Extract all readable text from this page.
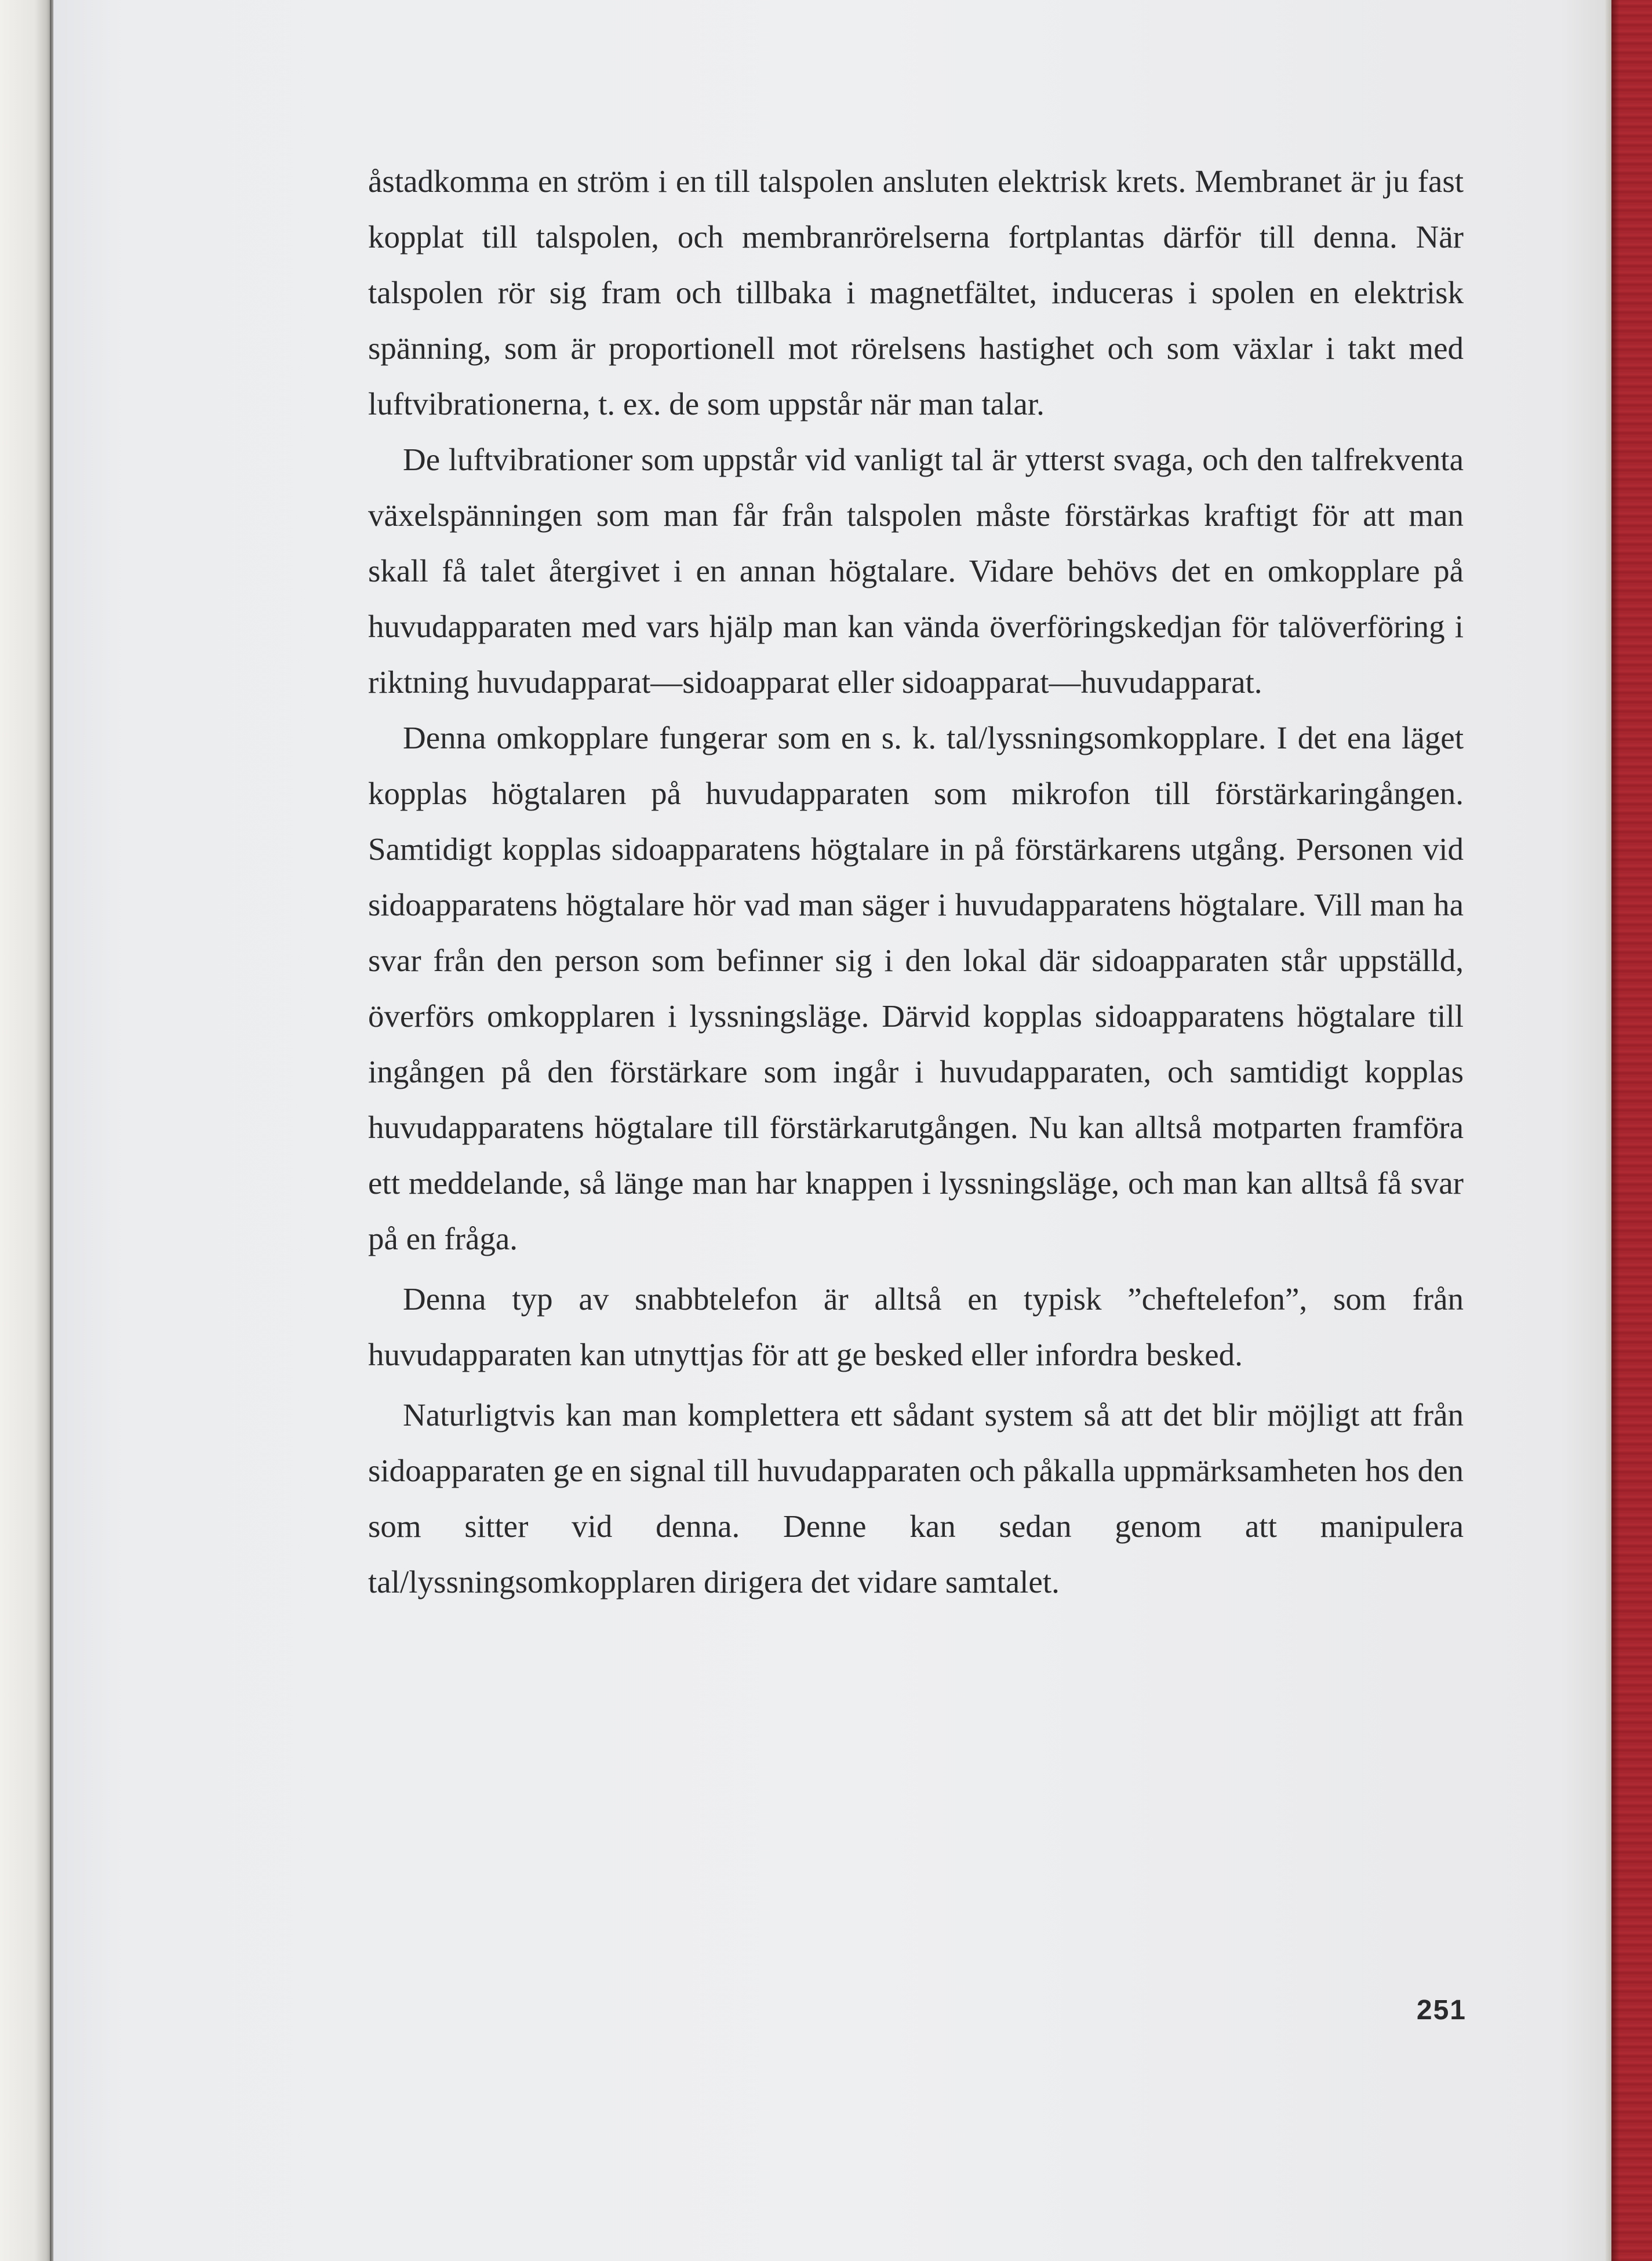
åstadkomma en ström i en till talspolen ansluten elektrisk krets. Membranet är ju fast kopplat till talspolen, och membranrörelserna fortplantas därför till denna. När talspolen rör sig fram och tillbaka i magnetfältet, induceras i spolen en elektrisk spänning, som är proportionell mot rörelsens hastighet och som växlar i takt med luftvibrationerna, t. ex. de som uppstår när man talar.

De luftvibrationer som uppstår vid vanligt tal är ytterst svaga, och den talfrekventa växelspänningen som man får från talspolen måste förstärkas kraftigt för att man skall få talet återgivet i en annan högtalare. Vidare behövs det en omkopplare på huvudapparaten med vars hjälp man kan vända överföringskedjan för talöverföring i riktning huvudapparat—sidoapparat eller sidoapparat—huvudapparat.

Denna omkopplare fungerar som en s. k. tal/lyssningsomkopplare. I det ena läget kopplas högtalaren på huvudapparaten som mikrofon till förstärkaringången. Samtidigt kopplas sidoapparatens högtalare in på förstärkarens utgång. Personen vid sidoapparatens högtalare hör vad man säger i huvudapparatens högtalare. Vill man ha svar från den person som befinner sig i den lokal där sidoapparaten står uppställd, överförs omkopplaren i lyssningsläge. Därvid kopplas sidoapparatens högtalare till ingången på den förstärkare som ingår i huvudapparaten, och samtidigt kopplas huvudapparatens högtalare till förstärkarutgången. Nu kan alltså motparten framföra ett meddelande, så länge man har knappen i lyssningsläge, och man kan alltså få svar på en fråga.

Denna typ av snabbtelefon är alltså en typisk ”cheftelefon”, som från huvudapparaten kan utnyttjas för att ge besked eller infordra besked.

Naturligtvis kan man komplettera ett sådant system så att det blir möjligt att från sidoapparaten ge en signal till huvudapparaten och påkalla uppmärksamheten hos den som sitter vid denna. Denne kan sedan genom att manipulera tal/lyssningsomkopplaren dirigera det vidare samtalet.

251
